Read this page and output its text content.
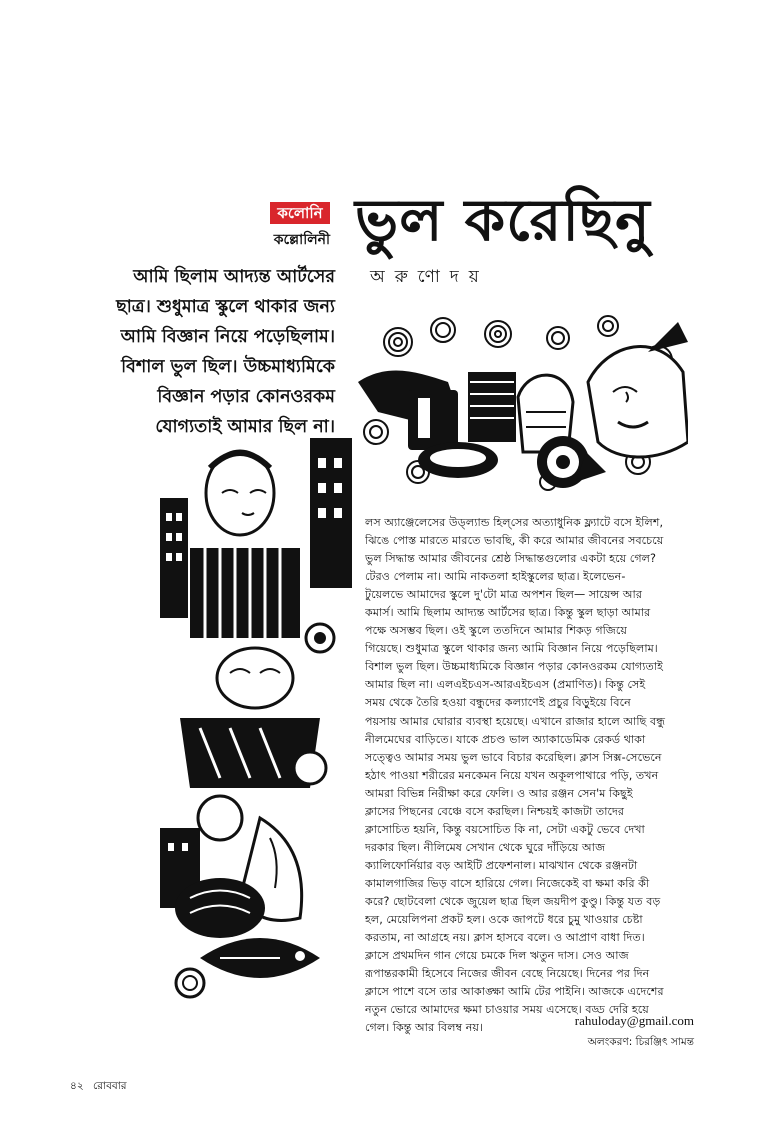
কলোনি
কল্লোলিনী ভুল করেছিনু
অরুণোদয়
আমি ছিলাম আদ্যন্ত আর্টসের
ছাত্র। শুধুমাত্র স্কুলে থাকার জন্য
আমি বিজ্ঞান নিয়ে পড়েছিলাম।
বিশাল ভুল ছিল। উচ্চমাধ্যমিকে
বিজ্ঞান পড়ার কোনওরকম
যোগ্যতাই আমার ছিল না।
লস অ্যাঞ্জেলেসের উড্‌ল্যান্ড হিল্‌সের অত্যাধুনিক ফ্ল্যাটে বসে ইলিশ,
ঝিঙে পোস্ত মারতে মারতে ভাবছি, কী করে আমার জীবনের সবচেয়ে
ভুল সিদ্ধান্ত আমার জীবনের শ্রেষ্ঠ সিদ্ধান্তগুলোর একটা হয়ে গেল?
টেরও পেলাম না। আমি নাকতলা হাইস্কুলের ছাত্র। ইলেভেন-
টুয়েলভে আমাদের স্কুলে দু'টো মাত্র অপশন ছিল— সায়েন্স আর
কমার্স। আমি ছিলাম আদ্যন্ত আর্টসের ছাত্র। কিন্তু স্কুল ছাড়া আমার
পক্ষে অসম্ভব ছিল। ওই স্কুলে ততদিনে আমার শিকড় গজিয়ে
গিয়েছে। শুধুমাত্র স্কুলে থাকার জন্য আমি বিজ্ঞান নিয়ে পড়েছিলাম।
বিশাল ভুল ছিল। উচ্চমাধ্যমিকে বিজ্ঞান পড়ার কোনওরকম যোগ্যতাই
আমার ছিল না। এলএইচএস-আরএইচএস (প্রমাণিত)। কিন্তু সেই
সময় থেকে তৈরি হওয়া বন্ধুদের কল্যাণেই প্রচুর বিড়ুইয়ে বিনে
পয়সায় আমার ঘোরার ব্যবস্থা হয়েছে। এখানে রাজার হালে আছি বন্ধু
নীলমেঘের বাড়িতে। যাকে প্রচণ্ড ভাল অ্যাকাডেমিক রেকর্ড থাকা
সত্ত্বেও আমার সময় ভুল ভাবে বিচার করেছিল। ক্লাস সিক্স-সেভেনে
হঠাৎ পাওয়া শরীরের মনকেমন নিয়ে যখন অকূলপাথারে পড়ি, তখন
আমরা বিভিন্ন নিরীক্ষা করে ফেলি। ও আর রঞ্জন সেন'ম কিছুই
ক্লাসের পিছনের বেঞ্চে বসে করছিল। নিশ্চয়ই কাজটা তাদের
ক্লাসোচিত হয়নি, কিন্তু বয়সোচিত কি না, সেটা একটু ভেবে দেখা
দরকার ছিল। নীলিমেষ সেখান থেকে ঘুরে দাঁড়িয়ে আজ
ক্যালিফোর্নিয়ার বড় আইটি প্রফেশনাল। মাঝখান থেকে রঞ্জনটা
কামালগাজির ভিড় বাসে হারিয়ে গেল। নিজেকেই বা ক্ষমা করি কী
করে? ছোটবেলা থেকে জুয়েল ছাত্র ছিল জয়দীপ কুণ্ডু। কিন্তু যত বড়
হল, মেয়েলিপনা প্রকট হল। ওকে জাপটে ধরে চুমু খাওয়ার চেষ্টা
করতাম, না আগ্রহে নয়। ক্লাস হাসবে বলে। ও আপ্রাণ বাধা দিত।
ক্লাসে প্রথমদিন গান গেয়ে চমকে দিল ঋতুন দাস। সেও আজ
রূপান্তরকামী হিসেবে নিজের জীবন বেছে নিয়েছে। দিনের পর দিন
ক্লাসে পাশে বসে তার আকাঙ্ক্ষা আমি টের পাইনি। আজকে এদেশের
নতুন ভোরে আমাদের ক্ষমা চাওয়ার সময় এসেছে। বড্ড দেরি হয়ে
গেল। কিন্তু আর বিলম্ব নয়।	rahuloday@gmail.com
অলংকরণ: চিরঞ্জিৎ সামন্ত
৪২ রোববার
